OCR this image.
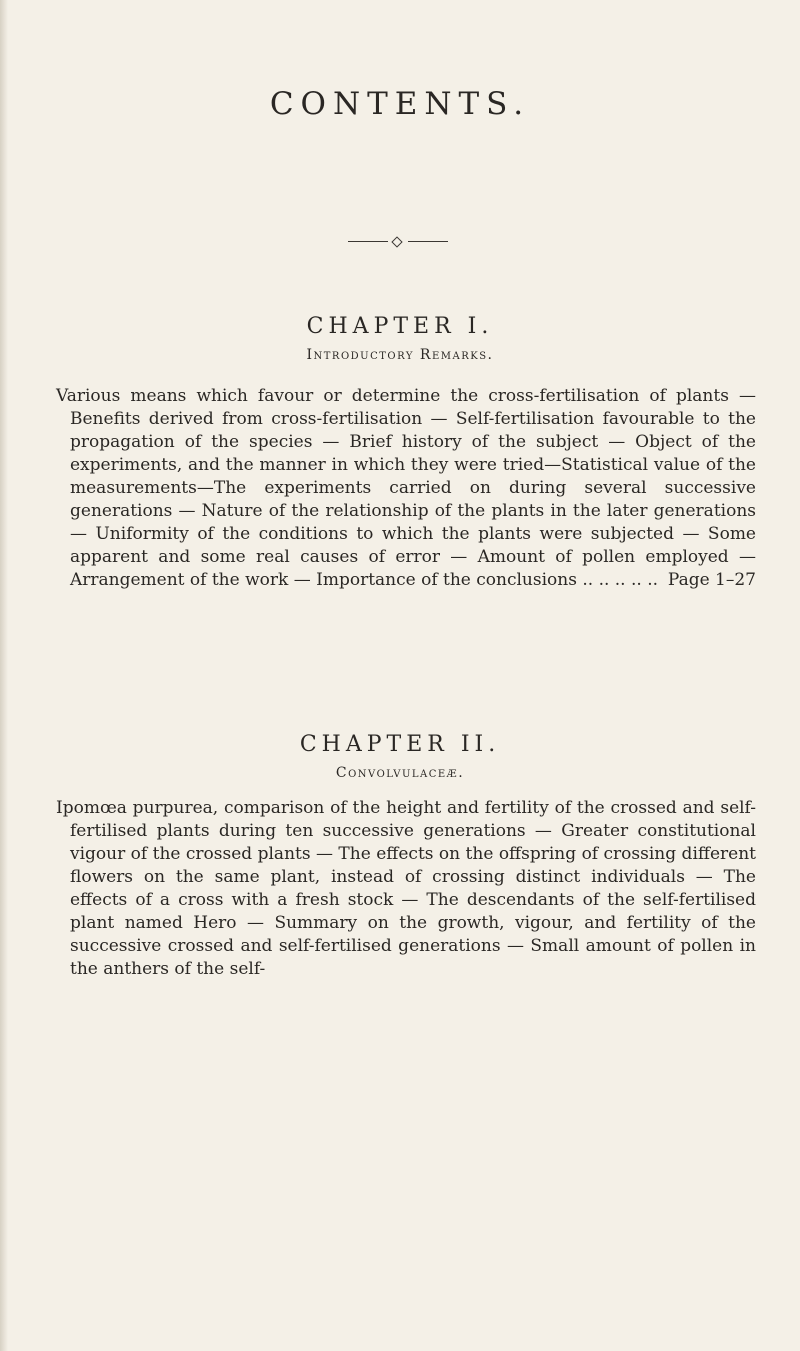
CONTENTS.
CHAPTER I.

Introductory Remarks.

Various means which favour or determine the cross-fertilisation of plants — Benefits derived from cross-fertilisation — Self-fertilisation favourable to the propagation of the species — Brief history of the subject — Object of the experiments, and the manner in which they were tried—Statistical value of the measurements—The experiments carried on during several successive generations — Nature of the relationship of the plants in the later generations — Uniformity of the conditions to which the plants were subjected — Some apparent and some real causes of error — Amount of pollen employed — Arrangement of the work — Importance of the conclusions .. .. .. .. .. Page 1–27

CHAPTER II.

Convolvulaceæ.

Ipomœa purpurea, comparison of the height and fertility of the crossed and self-fertilised plants during ten successive generations — Greater constitutional vigour of the crossed plants — The effects on the offspring of crossing different flowers on the same plant, instead of crossing distinct individuals — The effects of a cross with a fresh stock — The descendants of the self-fertilised plant named Hero — Summary on the growth, vigour, and fertility of the successive crossed and self-fertilised generations — Small amount of pollen in the anthers of the self-
